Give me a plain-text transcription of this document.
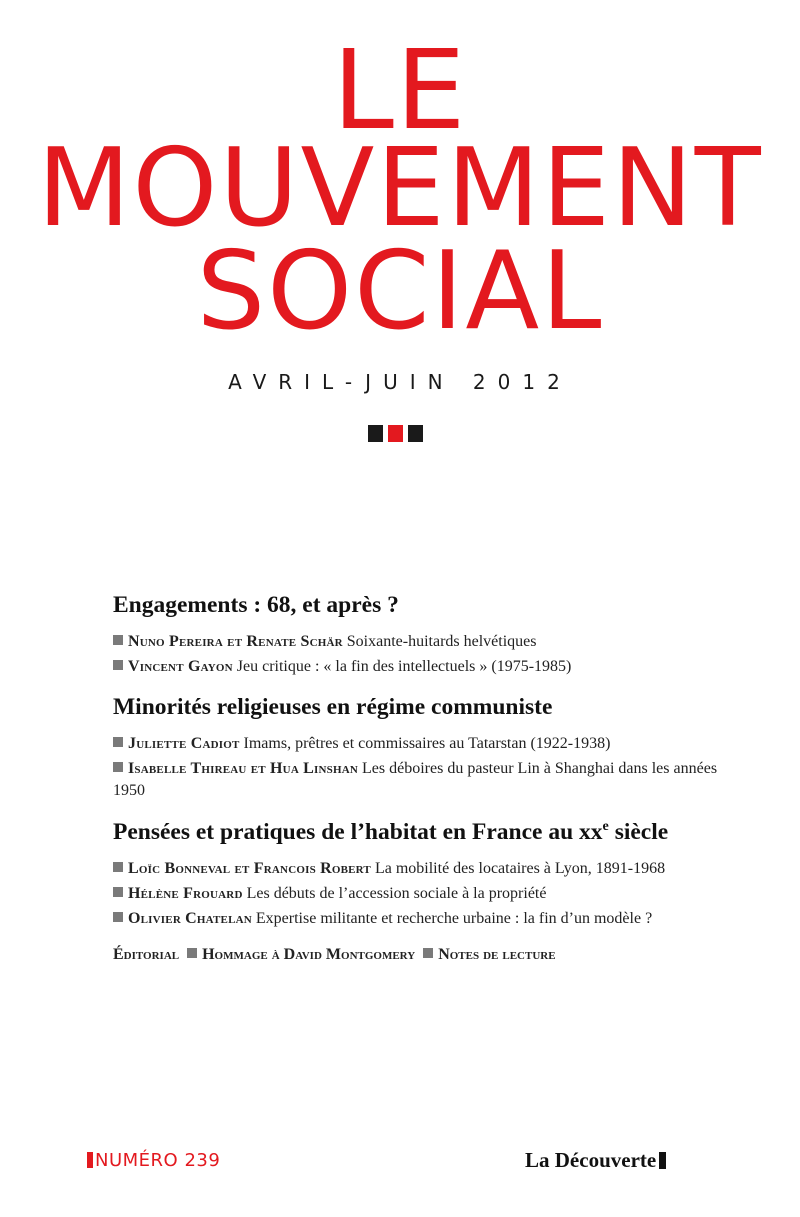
LE
MOUVEMENT
SOCIAL
AVRIL-JUIN 2012
Engagements : 68, et après ?

Nuno Pereira et Renate Schär Soixante-huitards helvétiques

Vincent Gayon Jeu critique : « la fin des intellectuels » (1975-1985)

Minorités religieuses en régime communiste

Juliette Cadiot Imams, prêtres et commissaires au Tatarstan (1922-1938)

Isabelle Thireau et Hua Linshan Les déboires du pasteur Lin à Shanghai dans les années 1950

Pensées et pratiques de l’habitat en France au $xx^e$ siècle

Loïc Bonneval et Francois Robert La mobilité des locataires à Lyon, 1891-1968

Hélène Frouard Les débuts de l’accession sociale à la propriété

Olivier Chatelan Expertise militante et recherche urbaine : la fin d’un modèle ?

Éditorial Hommage à David Montgomery Notes de lecture
NUMÉRO 239	La Découverte
